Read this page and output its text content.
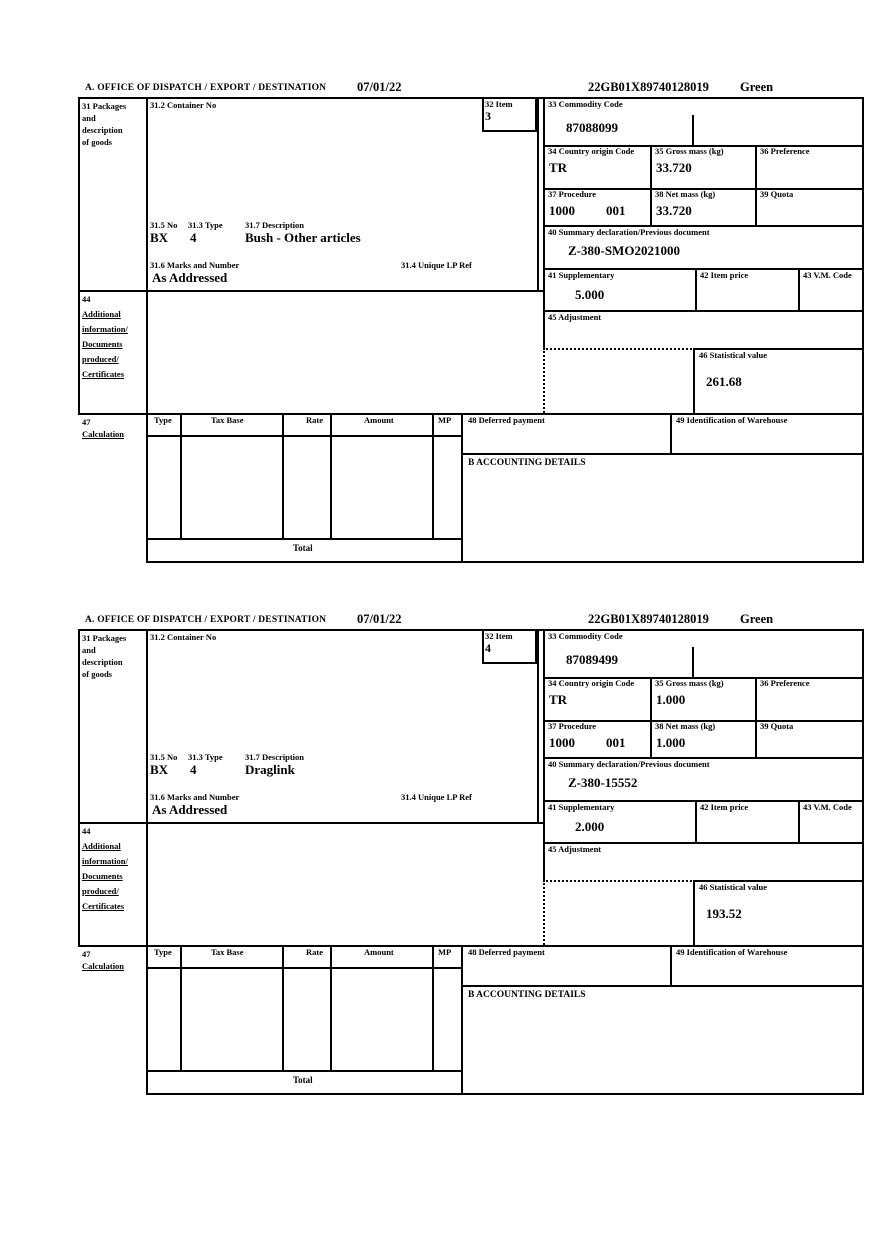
A. OFFICE OF DISPATCH / EXPORT / DESTINATION 07/01/22	22GB01X89740128019 Green
31 Packages
and
description
of goods
31.2 Container No	32 Item
3
33 Commodity Code
87088099
34 Country origin Code
TR
35 Gross mass (kg)
33.720
36 Preference
37 Procedure
1000 001
38 Net mass (kg)
33.720
39 Quota
31.5 No 31.3 Type	31.7 Description
BX 4	Bush - Other articles
31.6 Marks and Number	31.4 Unique LP Ref
As Addressed
40 Summary declaration/Previous document
Z-380-SMO2021000
41 Supplementary
5.000
42 Item price	43 V.M. Code
44
Additional
information/
Documents
produced/
Certificates
45 Adjustment
46 Statistical value
261.68
47
Calculation
Type	Tax Base	Rate	Amount	MP 48 Deferred payment	49 Identification of Warehouse
B ACCOUNTING DETAILS
Total
A. OFFICE OF DISPATCH / EXPORT / DESTINATION 07/01/22	22GB01X89740128019 Green
31 Packages
and
description
of goods
31.2 Container No	32 Item
4
33 Commodity Code
87089499
34 Country origin Code
TR
35 Gross mass (kg)
1.000
36 Preference
37 Procedure
1000 001
38 Net mass (kg)
1.000
39 Quota
31.5 No 31.3 Type	31.7 Description
BX 4	Draglink
31.6 Marks and Number	31.4 Unique LP Ref
As Addressed
40 Summary declaration/Previous document
Z-380-15552
41 Supplementary
2.000
42 Item price	43 V.M. Code
44
Additional
information/
Documents
produced/
Certificates
45 Adjustment
46 Statistical value
193.52
47
Calculation
Type	Tax Base	Rate	Amount	MP 48 Deferred payment	49 Identification of Warehouse
B ACCOUNTING DETAILS
Total
